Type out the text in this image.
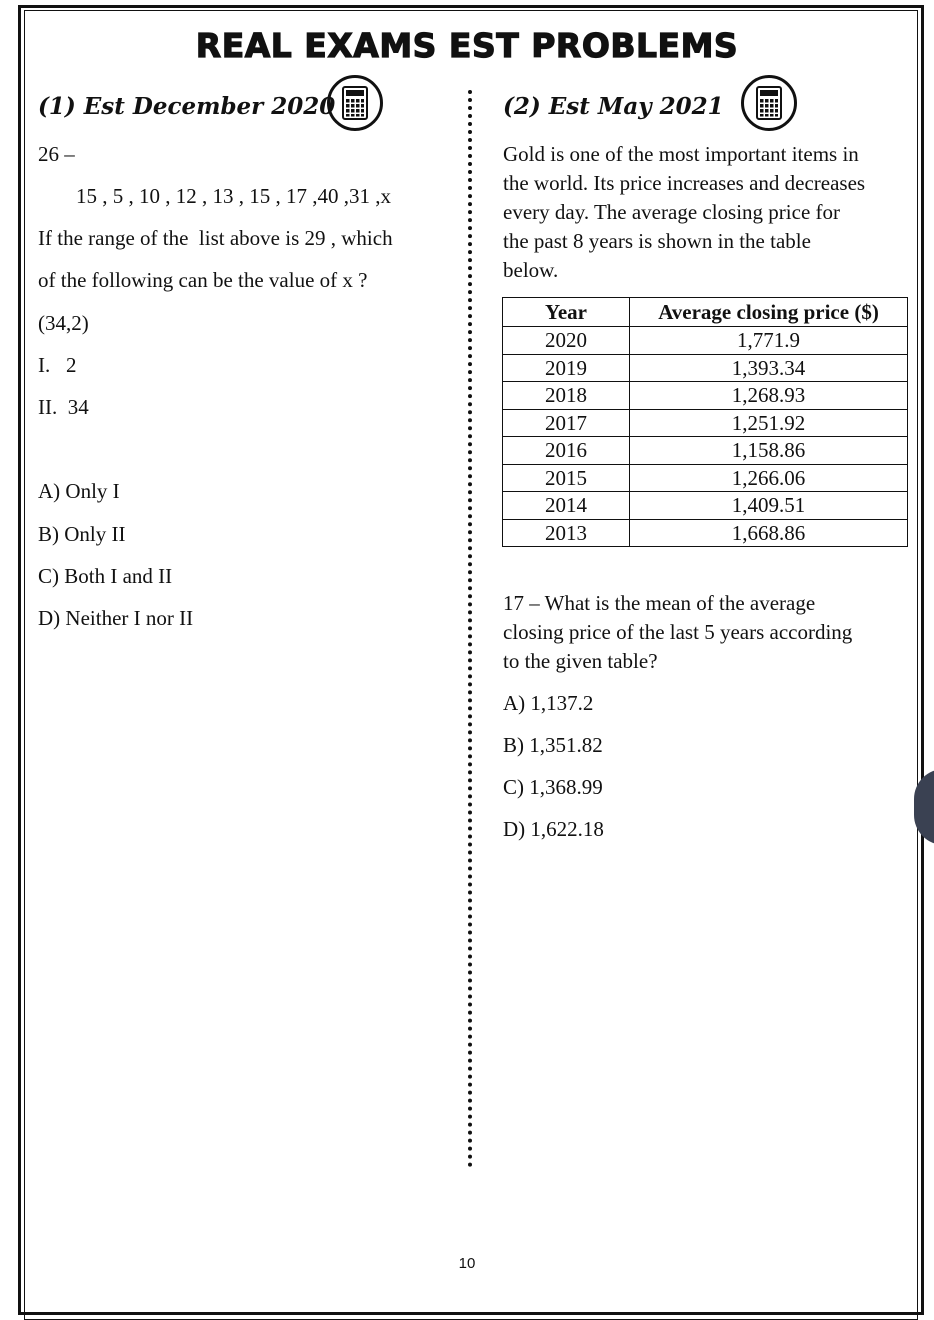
REAL EXAMS EST PROBLEMS
(1) Est December 2020
26 –
15 , 5 , 10 , 12 , 13 , 15 , 17 ,40 ,31 ,x
If the range of the  list above is 29 , which
of the following can be the value of x ?
(34,2)
I.   2
II.  34
A) Only I
B) Only II
C) Both I and II
D) Neither I nor II
(2) Est May 2021
Gold is one of the most important items in
the world. Its price increases and decreases
every day. The average closing price for
the past 8 years is shown in the table
below.
Year	Average closing price ($)
2020	1,771.9
2019	1,393.34
2018	1,268.93
2017	1,251.92
2016	1,158.86
2015	1,266.06
2014	1,409.51
2013	1,668.86
17 – What is the mean of the average
closing price of the last 5 years according
to the given table?
A) 1,137.2
B) 1,351.82
C) 1,368.99
D) 1,622.18
10
